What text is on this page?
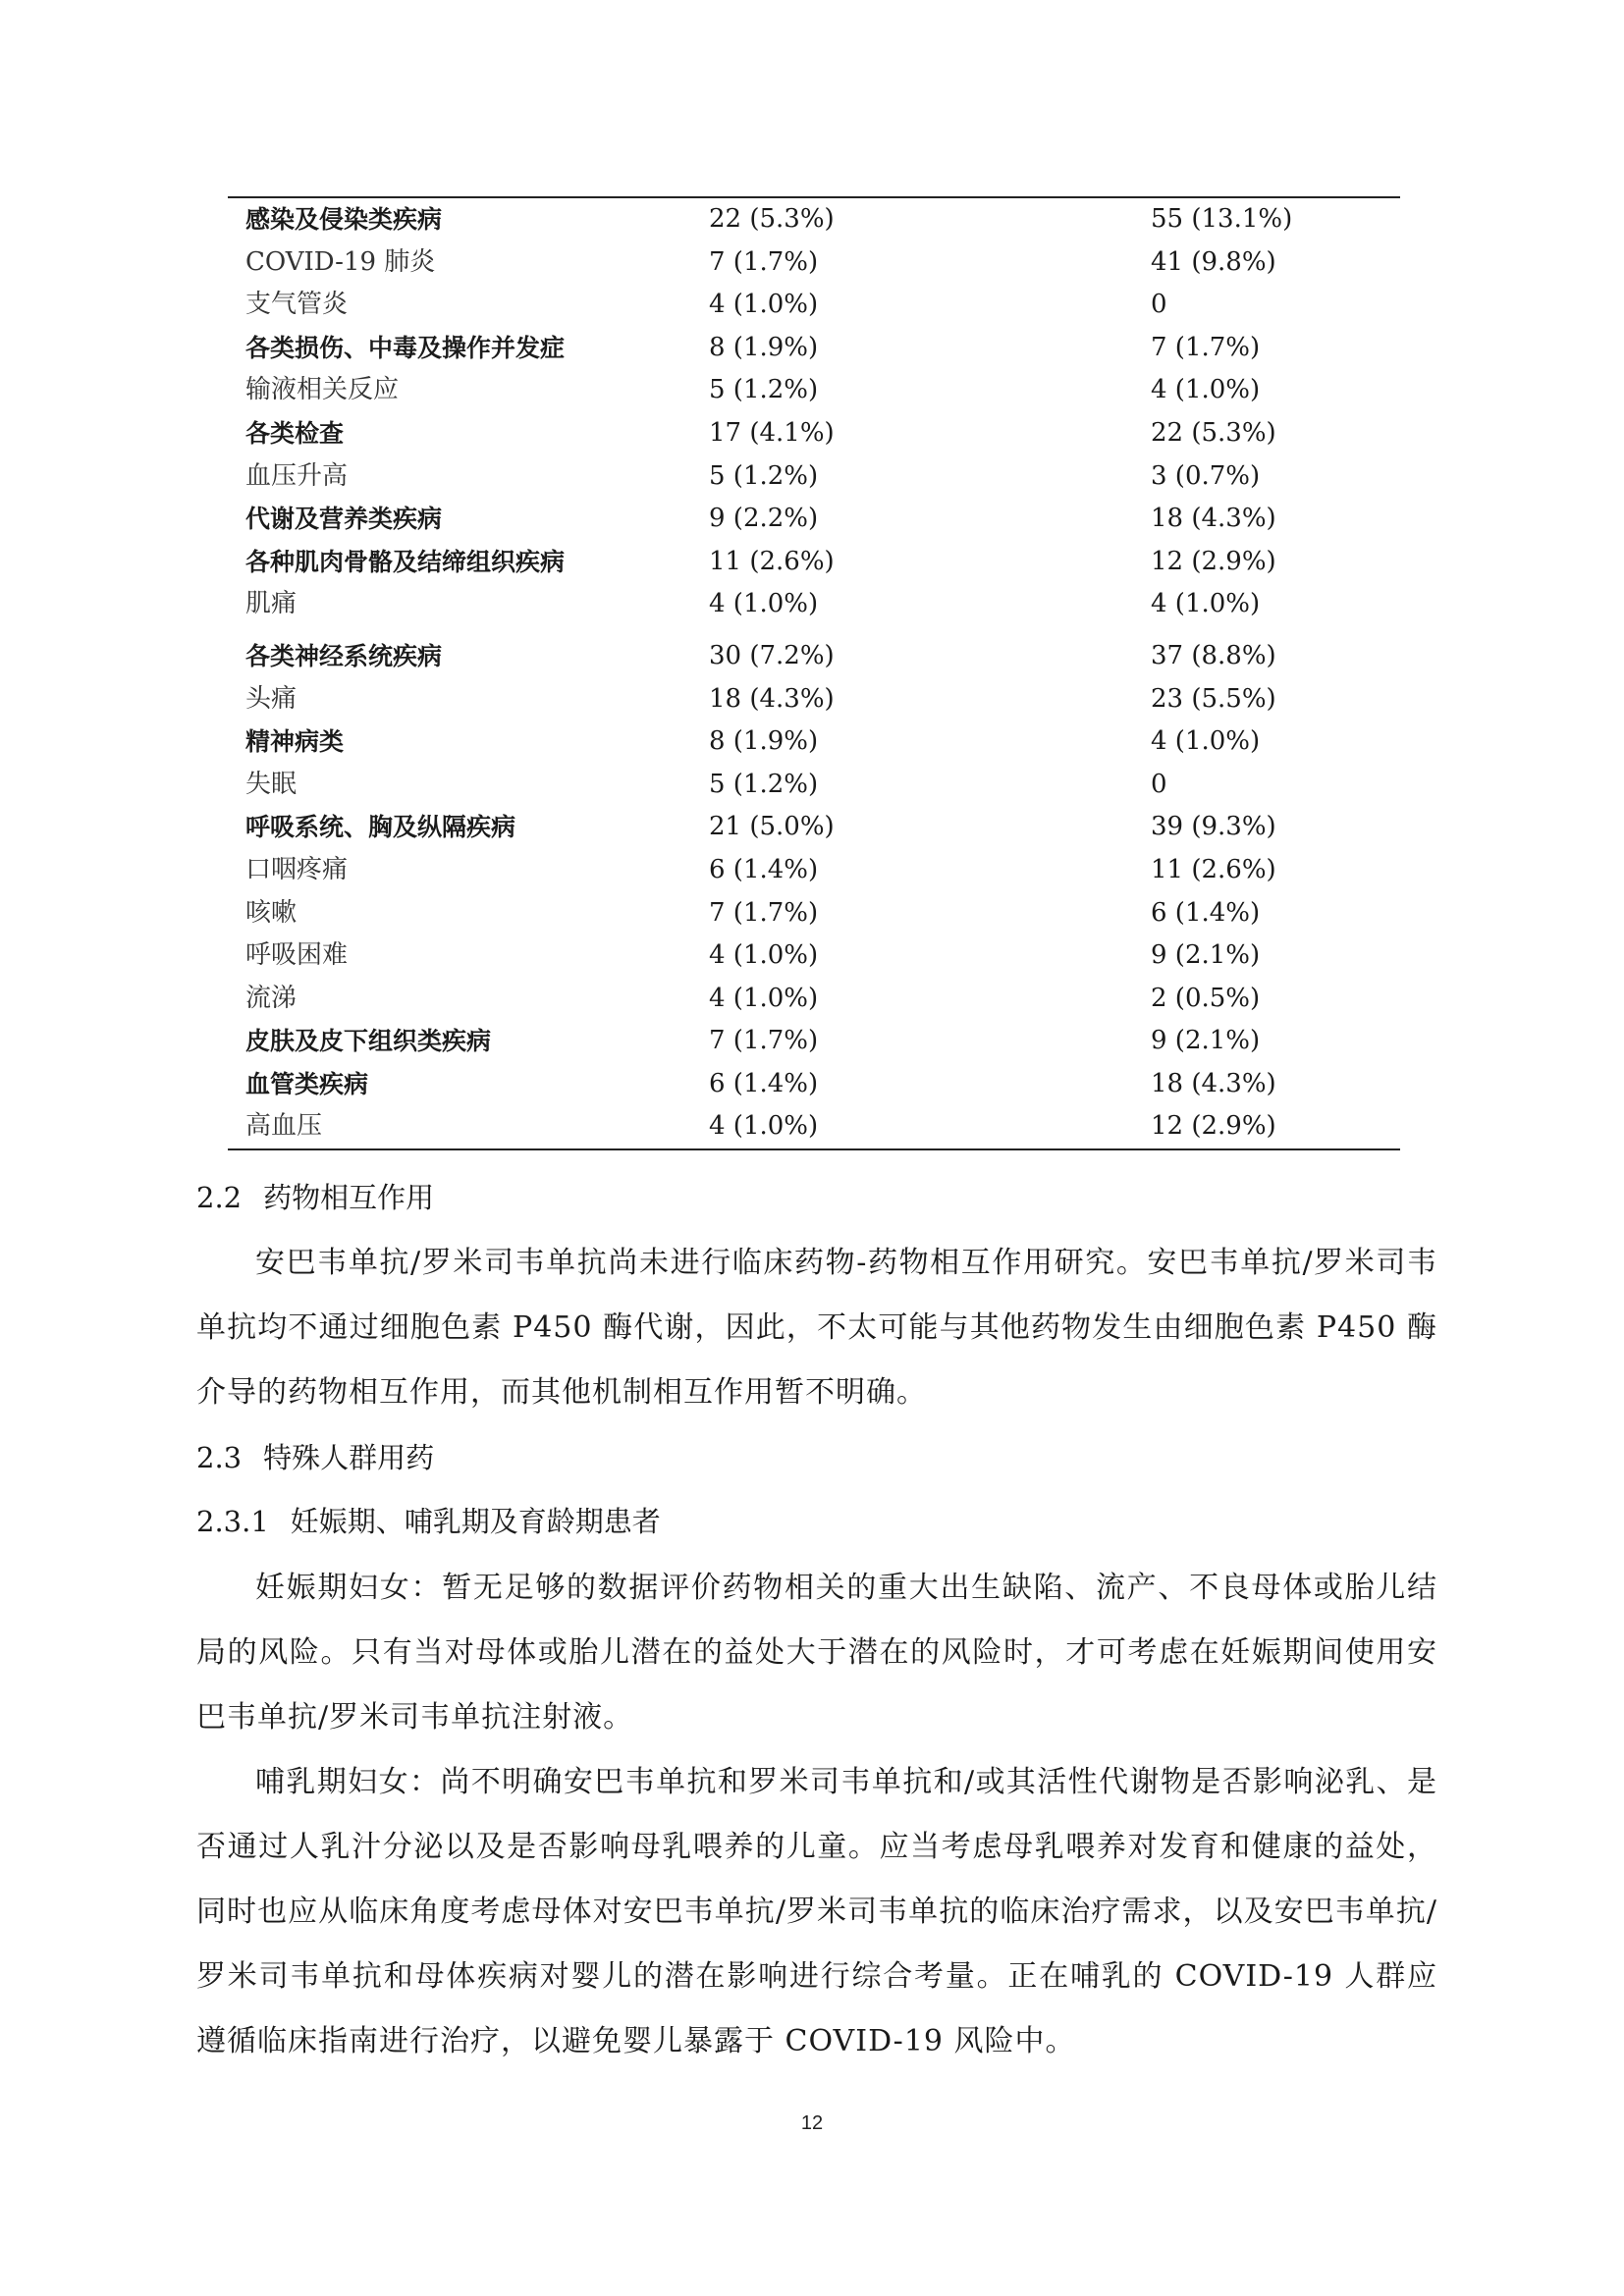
感染及侵染类疾病	22 (5.3%)	55 (13.1%)
COVID-19 肺炎	7 (1.7%)	41 (9.8%)
支气管炎	4 (1.0%)	0
各类损伤、中毒及操作并发症	8 (1.9%)	7 (1.7%)
输液相关反应	5 (1.2%)	4 (1.0%)
各类检查	17 (4.1%)	22 (5.3%)
血压升高	5 (1.2%)	3 (0.7%)
代谢及营养类疾病	9 (2.2%)	18 (4.3%)
各种肌肉骨骼及结缔组织疾病	11 (2.6%)	12 (2.9%)
肌痛	4 (1.0%)	4 (1.0%)
各类神经系统疾病	30 (7.2%)	37 (8.8%)
头痛	18 (4.3%)	23 (5.5%)
精神病类	8 (1.9%)	4 (1.0%)
失眠	5 (1.2%)	0
呼吸系统、胸及纵隔疾病	21 (5.0%)	39 (9.3%)
口咽疼痛	6 (1.4%)	11 (2.6%)
咳嗽	7 (1.7%)	6 (1.4%)
呼吸困难	4 (1.0%)	9 (2.1%)
流涕	4 (1.0%)	2 (0.5%)
皮肤及皮下组织类疾病	7 (1.7%)	9 (2.1%)
血管类疾病	6 (1.4%)	18 (4.3%)
高血压	4 (1.0%)	12 (2.9%)
2.2 药物相互作用
安巴韦单抗/罗米司韦单抗尚未进行临床药物-药物相互作用研究。安巴韦单抗/罗米司韦单抗均不通过细胞色素 P450 酶代谢，因此，不太可能与其他药物发生由细胞色素 P450 酶介导的药物相互作用，而其他机制相互作用暂不明确。
2.3 特殊人群用药
2.3.1 妊娠期、哺乳期及育龄期患者
妊娠期妇女：暂无足够的数据评价药物相关的重大出生缺陷、流产、不良母体或胎儿结局的风险。只有当对母体或胎儿潜在的益处大于潜在的风险时，才可考虑在妊娠期间使用安巴韦单抗/罗米司韦单抗注射液。
哺乳期妇女：尚不明确安巴韦单抗和罗米司韦单抗和/或其活性代谢物是否影响泌乳、是否通过人乳汁分泌以及是否影响母乳喂养的儿童。应当考虑母乳喂养对发育和健康的益处，同时也应从临床角度考虑母体对安巴韦单抗/罗米司韦单抗的临床治疗需求，以及安巴韦单抗/罗米司韦单抗和母体疾病对婴儿的潜在影响进行综合考量。正在哺乳的 COVID-19 人群应遵循临床指南进行治疗，以避免婴儿暴露于 COVID-19 风险中。
12
